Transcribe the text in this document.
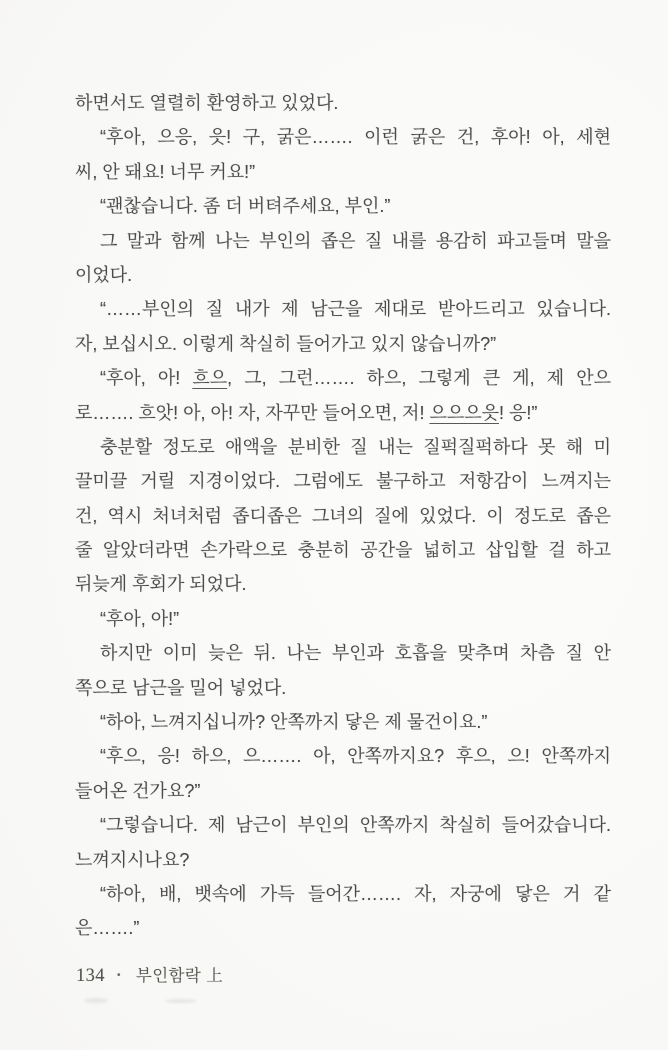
하면서도 열렬히 환영하고 있었다.
“후아, 으응, 읏! 구, 굵은……. 이런 굵은 건, 후아! 아, 세현
씨, 안 돼요! 너무 커요!”
“괜찮습니다. 좀 더 버텨주세요, 부인.”
그 말과 함께 나는 부인의 좁은 질 내를 용감히 파고들며 말을
이었다.
“……부인의 질 내가 제 남근을 제대로 받아드리고 있습니다.
자, 보십시오. 이렇게 착실히 들어가고 있지 않습니까?”
“후아, 아! 흐으, 그, 그런……. 하으, 그렇게 큰 게, 제 안으
로……. 흐앗! 아, 아! 자, 자꾸만 들어오면, 저! 으으으읏! 응!”
충분할 정도로 애액을 분비한 질 내는 질퍽질퍽하다 못 해 미
끌미끌 거릴 지경이었다. 그럼에도 불구하고 저항감이 느껴지는
건, 역시 처녀처럼 좁디좁은 그녀의 질에 있었다. 이 정도로 좁은
줄 알았더라면 손가락으로 충분히 공간을 넓히고 삽입할 걸 하고
뒤늦게 후회가 되었다.
“후아, 아!”
하지만 이미 늦은 뒤. 나는 부인과 호흡을 맞추며 차츰 질 안
쪽으로 남근을 밀어 넣었다.
“하아, 느껴지십니까? 안쪽까지 닿은 제 물건이요.”
“후으, 응! 하으, 으……. 아, 안쪽까지요? 후으, 으! 안쪽까지
들어온 건가요?”
“그렇습니다. 제 남근이 부인의 안쪽까지 착실히 들어갔습니다.
느껴지시나요?
“하아, 배, 뱃속에 가득 들어간……. 자, 자궁에 닿은 거 같
은…….”
134 • 부인함락 上
